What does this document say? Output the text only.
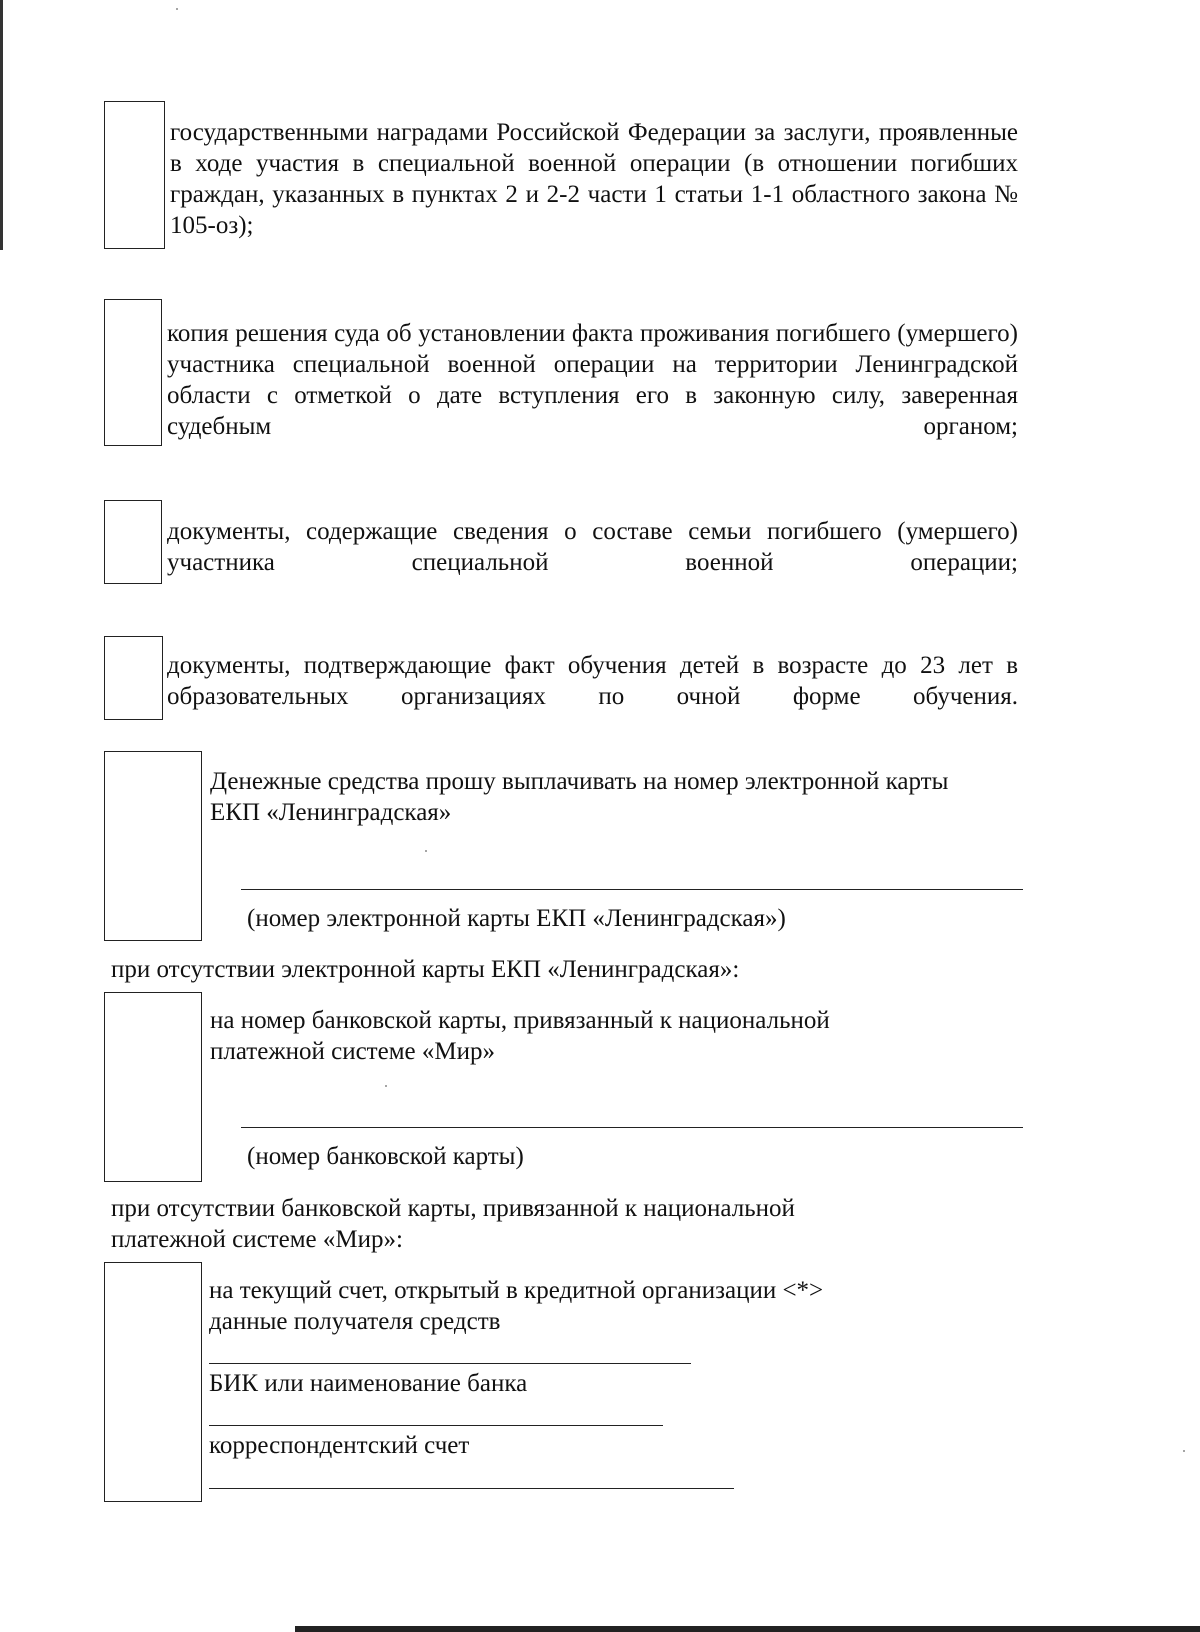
государственными наградами Российской Федерации за заслуги, проявленные в ходе участия в специальной военной операции (в отношении погибших граждан, указанных в пунктах 2 и 2-2 части 1 статьи 1-1 областного закона № 105-оз);
копия решения суда об установлении факта проживания погибшего (умершего) участника специальной военной операции на территории Ленинградской области с отметкой о дате вступления его в законную силу, заверенная судебным органом;
документы, содержащие сведения о составе семьи погибшего (умершего) участника специальной военной операции;
документы, подтверждающие факт обучения детей в возрасте до 23 лет в образовательных организациях по очной форме обучения.
Денежные средства прошу выплачивать на номер электронной карты ЕКП «Ленинградская»
(номер электронной карты ЕКП «Ленинградская»)
при отсутствии электронной карты ЕКП «Ленинградская»:
на номер банковской карты, привязанный к национальной платежной системе «Мир»
(номер банковской карты)
при отсутствии банковской карты, привязанной к национальной платежной системе «Мир»:
на текущий счет, открытый в кредитной организации <*>
данные получателя средств
БИК или наименование банка
корреспондентский счет
